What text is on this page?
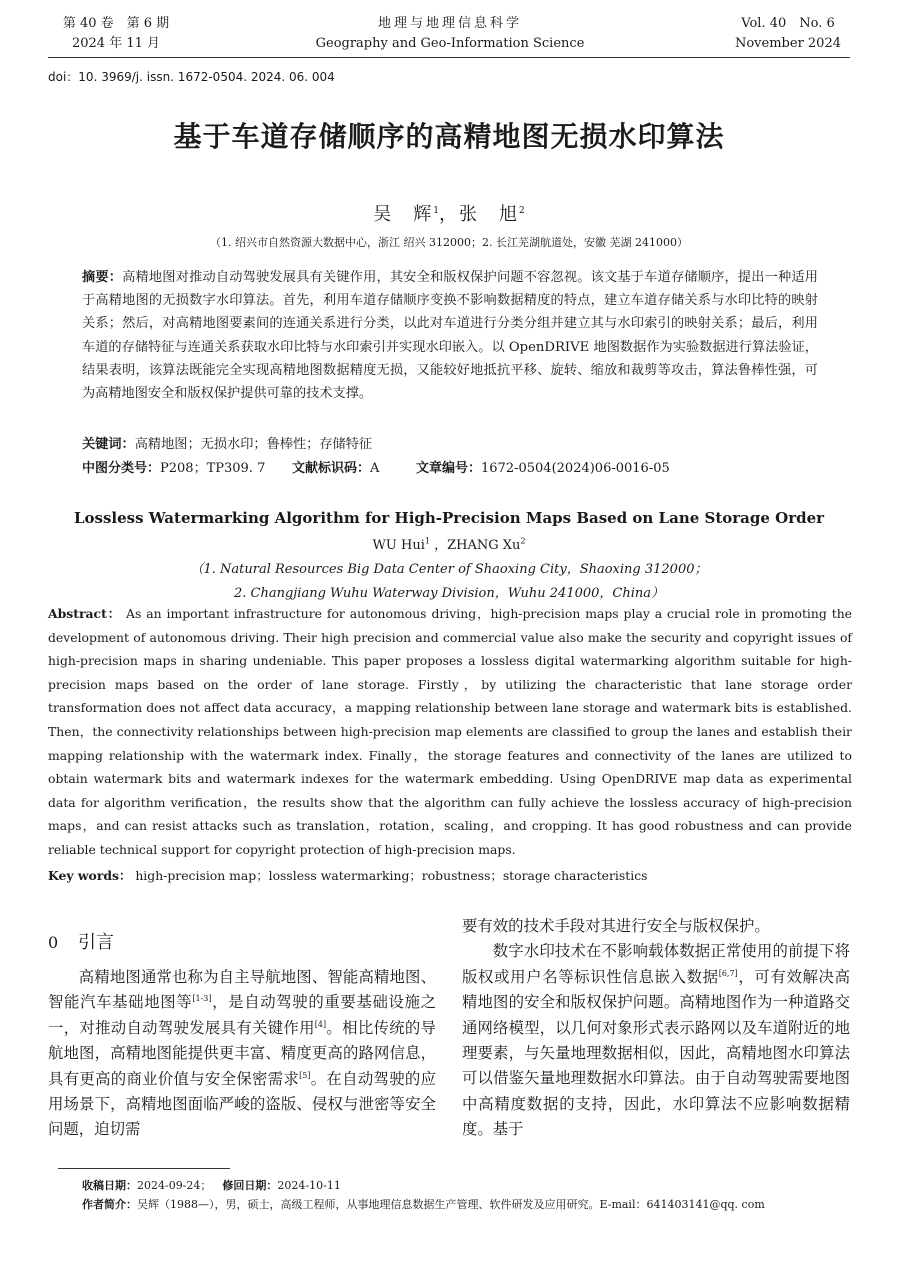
第 40 卷　第 6 期
2024 年 11 月
地理与地理信息科学
Geography and Geo-Information Science
Vol. 40　No. 6
November 2024
doi：10. 3969/j. issn. 1672-0504. 2024. 06. 004
基于车道存储顺序的高精地图无损水印算法
吴　辉$^1$，张　旭$^2$
（1. 绍兴市自然资源大数据中心，浙江 绍兴 312000；2. 长江芜湖航道处，安徽 芜湖 241000）
摘要：高精地图对推动自动驾驶发展具有关键作用，其安全和版权保护问题不容忽视。该文基于车道存储顺序，提出一种适用于高精地图的无损数字水印算法。首先，利用车道存储顺序变换不影响数据精度的特点，建立车道存储关系与水印比特的映射关系；然后，对高精地图要素间的连通关系进行分类，以此对车道进行分类分组并建立其与水印索引的映射关系；最后，利用车道的存储特征与连通关系获取水印比特与水印索引并实现水印嵌入。以 OpenDRIVE 地图数据作为实验数据进行算法验证，结果表明，该算法既能完全实现高精地图数据精度无损，又能较好地抵抗平移、旋转、缩放和裁剪等攻击，算法鲁棒性强，可为高精地图安全和版权保护提供可靠的技术支撑。
关键词：高精地图；无损水印；鲁棒性；存储特征
中图分类号：P208；TP309. 7 文献标识码：A	文章编号：1672-0504(2024)06-0016-05
Lossless Watermarking Algorithm for High-Precision Maps Based on Lane Storage Order
WU Hui$^1$ ，ZHANG Xu$^2$
（1. Natural Resources Big Data Center of Shaoxing City，Shaoxing 312000；
2. Changjiang Wuhu Waterway Division，Wuhu 241000，China）
Abstract： As an important infrastructure for autonomous driving，high-precision maps play a crucial role in promoting the development of autonomous driving. Their high precision and commercial value also make the security and copyright issues of high-precision maps in sharing undeniable. This paper proposes a lossless digital watermarking algorithm suitable for high-precision maps based on the order of lane storage. Firstly，by utilizing the characteristic that lane storage order transformation does not affect data accuracy，a mapping relationship between lane storage and watermark bits is established. Then，the connectivity relationships between high-precision map elements are classified to group the lanes and establish their mapping relationship with the watermark index. Finally，the storage features and connectivity of the lanes are utilized to obtain watermark bits and watermark indexes for the watermark embedding. Using OpenDRIVE map data as experimental data for algorithm verification，the results show that the algorithm can fully achieve the lossless accuracy of high-precision maps，and can resist attacks such as translation，rotation，scaling，and cropping. It has good robustness and can provide reliable technical support for copyright protection of high-precision maps.
Key words： high-precision map；lossless watermarking；robustness；storage characteristics
0 引言

高精地图通常也称为自主导航地图、智能高精地图、智能汽车基础地图等[1-3]，是自动驾驶的重要基础设施之一，对推动自动驾驶发展具有关键作用[4]。相比传统的导航地图，高精地图能提供更丰富、精度更高的路网信息，具有更高的商业价值与安全保密需求[5]。在自动驾驶的应用场景下，高精地图面临严峻的盗版、侵权与泄密等安全问题，迫切需

要有效的技术手段对其进行安全与版权保护。

数字水印技术在不影响载体数据正常使用的前提下将版权或用户名等标识性信息嵌入数据[6,7]，可有效解决高精地图的安全和版权保护问题。高精地图作为一种道路交通网络模型，以几何对象形式表示路网以及车道附近的地理要素，与矢量地理数据相似，因此，高精地图水印算法可以借鉴矢量地理数据水印算法。由于自动驾驶需要地图中高精度数据的支持，因此，水印算法不应影响数据精度。基于

收稿日期：2024-09-24；  修回日期：2024-10-11
作者简介：吴辉（1988—），男，硕士，高级工程师，从事地理信息数据生产管理、软件研发及应用研究。E-mail：641403141@qq. com
